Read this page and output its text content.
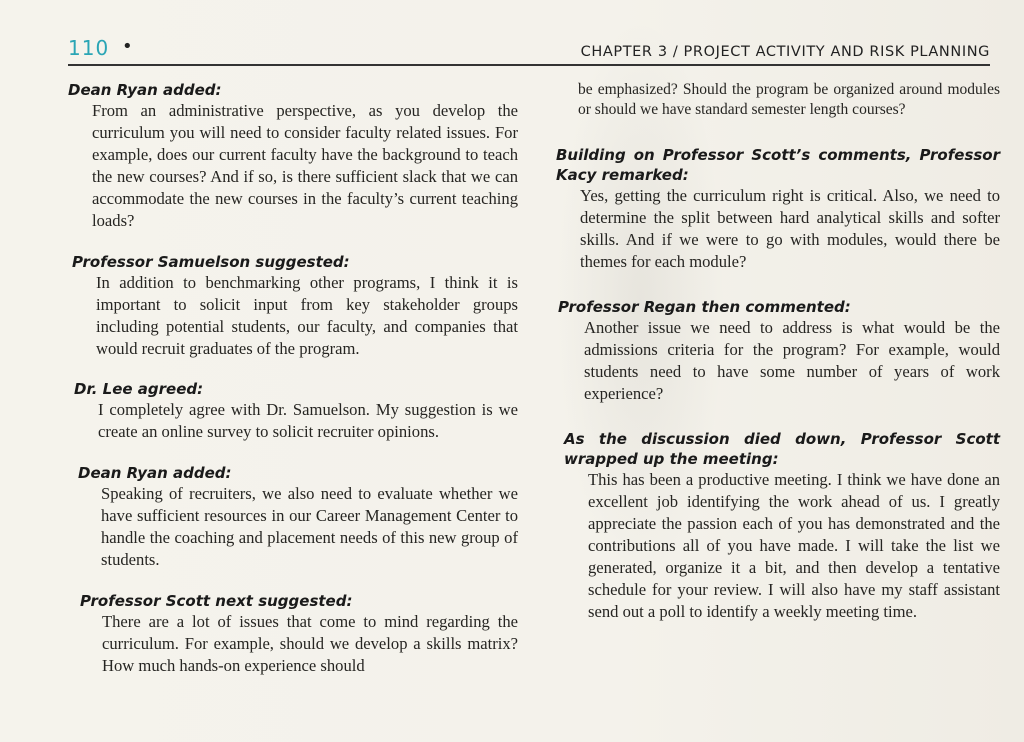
110 •	CHAPTER 3 / PROJECT ACTIVITY AND RISK PLANNING

Dean Ryan added:

From an administrative perspective, as you develop the curriculum you will need to consider faculty related issues. For example, does our current faculty have the background to teach the new courses? And if so, is there sufficient slack that we can accommodate the new courses in the faculty’s current teaching loads?

Professor Samuelson suggested:

In addition to benchmarking other programs, I think it is important to solicit input from key stakeholder groups including potential students, our faculty, and companies that would recruit graduates of the program.

Dr. Lee agreed:

I completely agree with Dr. Samuelson. My suggestion is we create an online survey to solicit recruiter opinions.

Dean Ryan added:

Speaking of recruiters, we also need to evaluate whether we have sufficient resources in our Career Management Center to handle the coaching and placement needs of this new group of students.

Professor Scott next suggested:

There are a lot of issues that come to mind regarding the curriculum. For example, should we develop a skills matrix? How much hands-on experience should

be emphasized? Should the program be organized around modules or should we have standard semester length courses?

Building on Professor Scott’s comments, Professor Kacy remarked:

Yes, getting the curriculum right is critical. Also, we need to determine the split between hard analytical skills and softer skills. And if we were to go with modules, would there be themes for each module?

Professor Regan then commented:

Another issue we need to address is what would be the admissions criteria for the program? For example, would students need to have some number of years of work experience?

As the discussion died down, Professor Scott wrapped up the meeting:

This has been a productive meeting. I think we have done an excellent job identifying the work ahead of us. I greatly appreciate the passion each of you has demonstrated and the contributions all of you have made. I will take the list we generated, organize it a bit, and then develop a tentative schedule for your review. I will also have my staff assistant send out a poll to identify a weekly meeting time.
